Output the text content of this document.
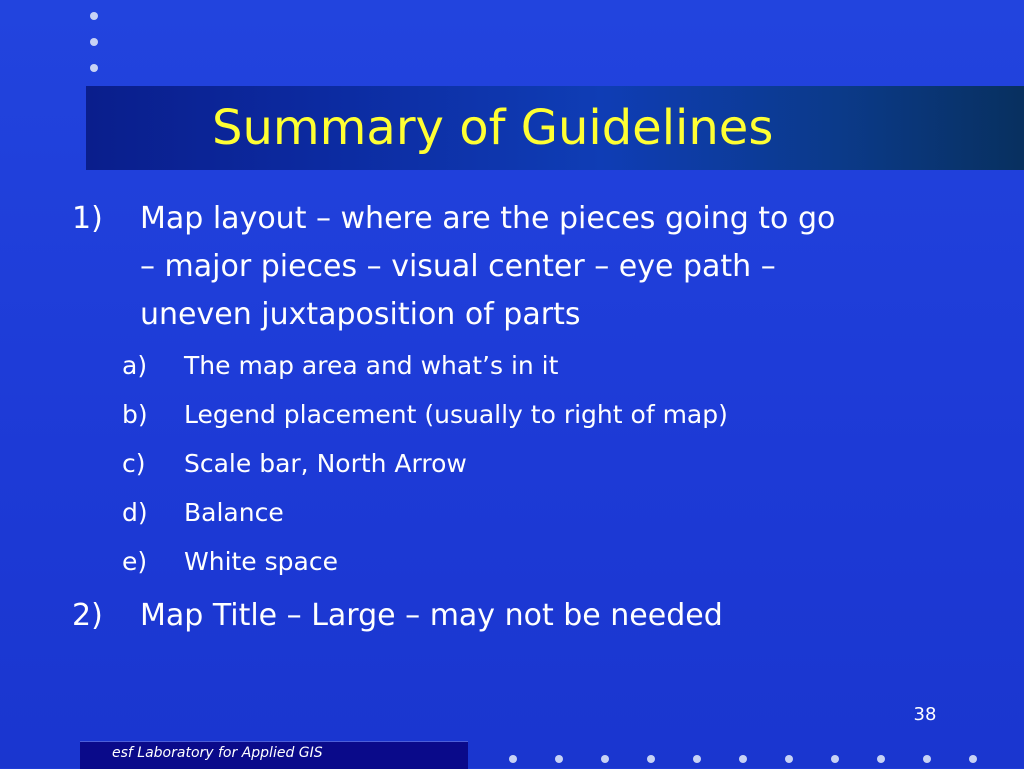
Summary of Guidelines
1) Map layout – where are the pieces going to go
– major pieces – visual center – eye path –
uneven juxtaposition of parts
a) The map area and what’s in it
b) Legend placement (usually to right of map)
c) Scale bar, North Arrow
d) Balance
e) White space
2) Map Title – Large – may not be needed
38
esf Laboratory for Applied GIS
